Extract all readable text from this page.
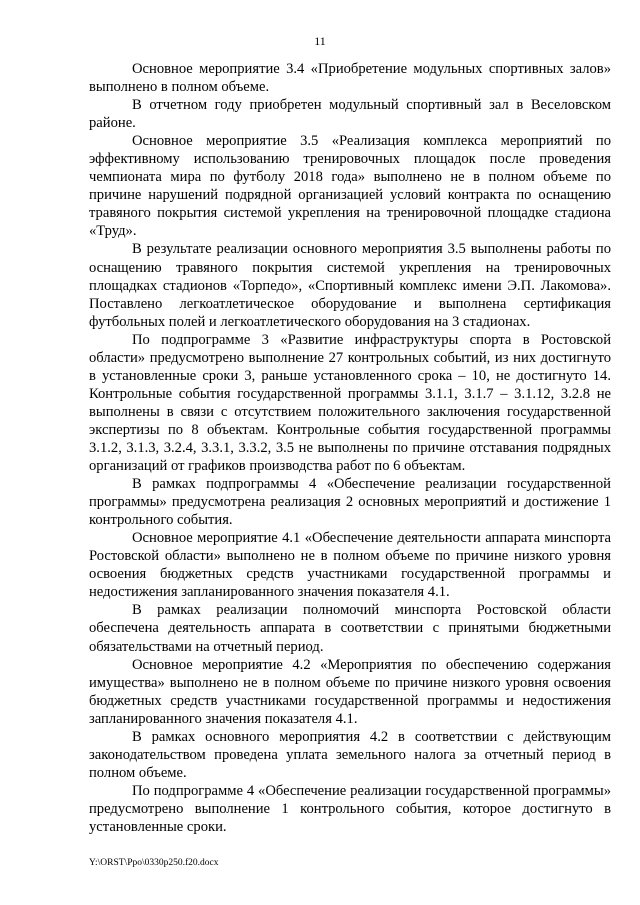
11

Основное мероприятие 3.4 «Приобретение модульных спортивных залов» выполнено в полном объеме.

В отчетном году приобретен модульный спортивный зал в Веселовском районе.

Основное мероприятие 3.5 «Реализация комплекса мероприятий по эффективному использованию тренировочных площадок после проведения чемпионата мира по футболу 2018 года» выполнено не в полном объеме по причине нарушений подрядной организацией условий контракта по оснащению травяного покрытия системой укрепления на тренировочной площадке стадиона «Труд».

В результате реализации основного мероприятия 3.5 выполнены работы по оснащению травяного покрытия системой укрепления на тренировочных площадках стадионов «Торпедо», «Спортивный комплекс имени Э.П. Лакомова». Поставлено легкоатлетическое оборудование и выполнена сертификация футбольных полей и легкоатлетического оборудования на 3 стадионах.

По подпрограмме 3 «Развитие инфраструктуры спорта в Ростовской области» предусмотрено выполнение 27 контрольных событий, из них достигнуто в установленные сроки 3, раньше установленного срока – 10, не достигнуто 14. Контрольные события государственной программы 3.1.1, 3.1.7 – 3.1.12, 3.2.8 не выполнены в связи с отсутствием положительного заключения государственной экспертизы по 8 объектам. Контрольные события государственной программы 3.1.2, 3.1.3, 3.2.4, 3.3.1, 3.3.2, 3.5 не выполнены по причине отставания подрядных организаций от графиков производства работ по 6 объектам.

В рамках подпрограммы 4 «Обеспечение реализации государственной программы» предусмотрена реализация 2 основных мероприятий и достижение 1 контрольного события.

Основное мероприятие 4.1 «Обеспечение деятельности аппарата минспорта Ростовской области» выполнено не в полном объеме по причине низкого уровня освоения бюджетных средств участниками государственной программы и недостижения запланированного значения показателя 4.1.

В рамках реализации полномочий минспорта Ростовской области обеспечена деятельность аппарата в соответствии с принятыми бюджетными обязательствами на отчетный период.

Основное мероприятие 4.2 «Мероприятия по обеспечению содержания имущества» выполнено не в полном объеме по причине низкого уровня освоения бюджетных средств участниками государственной программы и недостижения запланированного значения показателя 4.1.

В рамках основного мероприятия 4.2 в соответствии с действующим законодательством проведена уплата земельного налога за отчетный период в полном объеме.

По подпрограмме 4 «Обеспечение реализации государственной программы» предусмотрено выполнение 1 контрольного события, которое достигнуто в установленные сроки.

Y:\ORST\Ppo\0330p250.f20.docx
